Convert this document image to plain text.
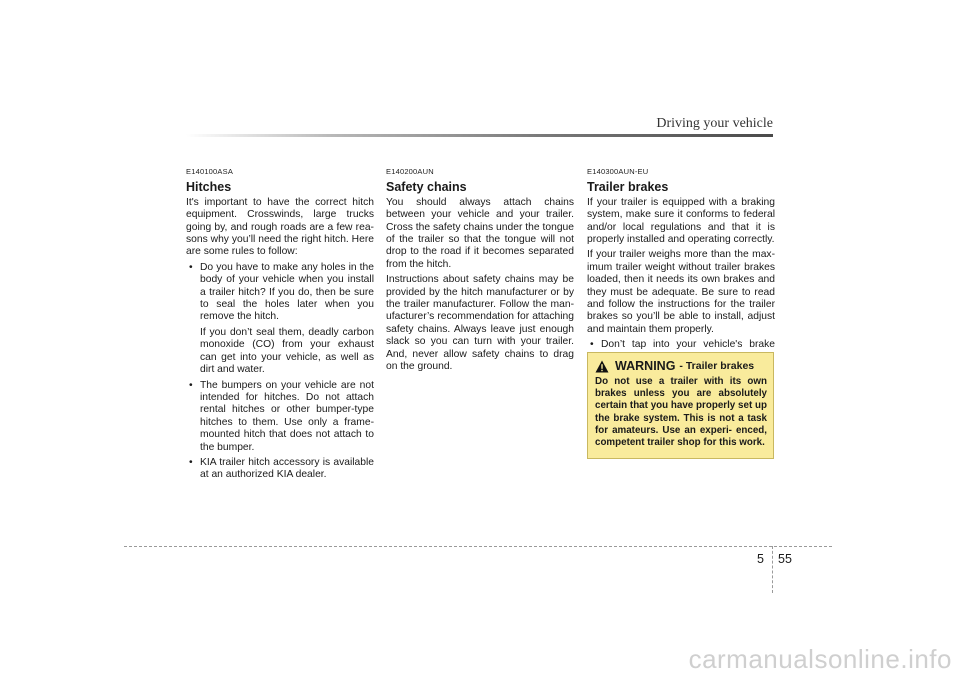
Driving your vehicle
E140100ASA
Hitches

It's important to have the correct hitch equipment. Crosswinds, large trucks going by, and rough roads are a few rea- sons why you’ll need the right hitch. Here are some rules to follow:

• Do you have to make any holes in the body of your vehicle when you install a trailer hitch? If you do, then be sure to seal the holes later when you remove the hitch.
If you don’t seal them, deadly carbon monoxide (CO) from your exhaust can get into your vehicle, as well as dirt and water.
• The bumpers on your vehicle are not intended for hitches. Do not attach rental hitches or other bumper-type hitches to them. Use only a frame- mounted hitch that does not attach to the bumper.
• KIA trailer hitch accessory is available at an authorized KIA dealer.
E140200AUN
Safety chains

You should always attach chains between your vehicle and your trailer. Cross the safety chains under the tongue of the trailer so that the tongue will not drop to the road if it becomes separated from the hitch.

Instructions about safety chains may be provided by the hitch manufacturer or by the trailer manufacturer. Follow the man- ufacturer’s recommendation for attaching safety chains. Always leave just enough slack so you can turn with your trailer. And, never allow safety chains to drag on the ground.

E140300AUN-EU
Trailer brakes

If your trailer is equipped with a braking system, make sure it conforms to federal and/or local regulations and that it is properly installed and operating correctly.

If your trailer weighs more than the max- imum trailer weight without trailer brakes loaded, then it needs its own brakes and they must be adequate. Be sure to read and follow the instructions for the trailer brakes so you’ll be able to install, adjust and maintain them properly.

• Don’t tap into your vehicle's brake
WARNING - Trailer brakes
Do not use a trailer with its own brakes unless you are absolutely certain that you have properly set up the brake system. This is not a task for amateurs. Use an experi- enced, competent trailer shop for this work.
5 55
carmanualsonline.info
